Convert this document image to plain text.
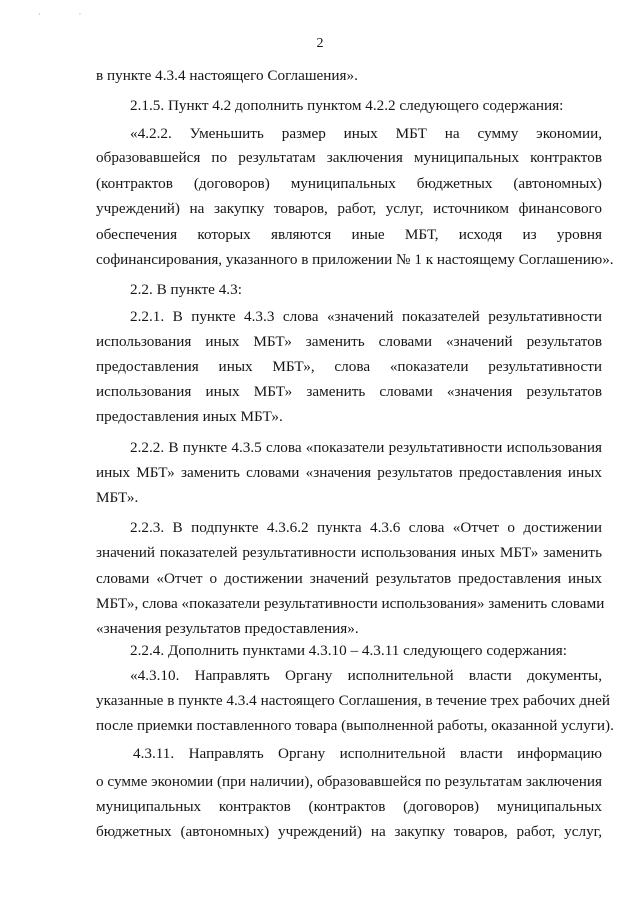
· ·
2
в пункте 4.3.4 настоящего Соглашения».
2.1.5. Пункт 4.2 дополнить пунктом 4.2.2 следующего содержания:
«4.2.2. Уменьшить размер иных МБТ на сумму экономии,
образовавшейся по результатам заключения муниципальных контрактов
(контрактов (договоров) муниципальных бюджетных (автономных)
учреждений) на закупку товаров, работ, услуг, источником финансового
обеспечения которых являются иные МБТ, исходя из уровня
софинансирования, указанного в приложении № 1 к настоящему Соглашению».
2.2. В пункте 4.3:
2.2.1. В пункте 4.3.3 слова «значений показателей результативности
использования иных МБТ» заменить словами «значений результатов
предоставления иных МБТ», слова «показатели результативности
использования иных МБТ» заменить словами «значения результатов
предоставления иных МБТ».
2.2.2. В пункте 4.3.5 слова «показатели результативности использования
иных МБТ» заменить словами «значения результатов предоставления иных
МБТ».
2.2.3. В подпункте 4.3.6.2 пункта 4.3.6 слова «Отчет о достижении
значений показателей результативности использования иных МБТ» заменить
словами «Отчет о достижении значений результатов предоставления иных
МБТ», слова «показатели результативности использования» заменить словами
«значения результатов предоставления».
2.2.4. Дополнить пунктами 4.3.10 – 4.3.11 следующего содержания:
«4.3.10. Направлять Органу исполнительной власти документы,
указанные в пункте 4.3.4 настоящего Соглашения, в течение трех рабочих дней
после приемки поставленного товара (выполненной работы, оказанной услуги).
4.3.11. Направлять Органу исполнительной власти информацию
о сумме экономии (при наличии), образовавшейся по результатам заключения
муниципальных контрактов (контрактов (договоров) муниципальных
бюджетных (автономных) учреждений) на закупку товаров, работ, услуг,
